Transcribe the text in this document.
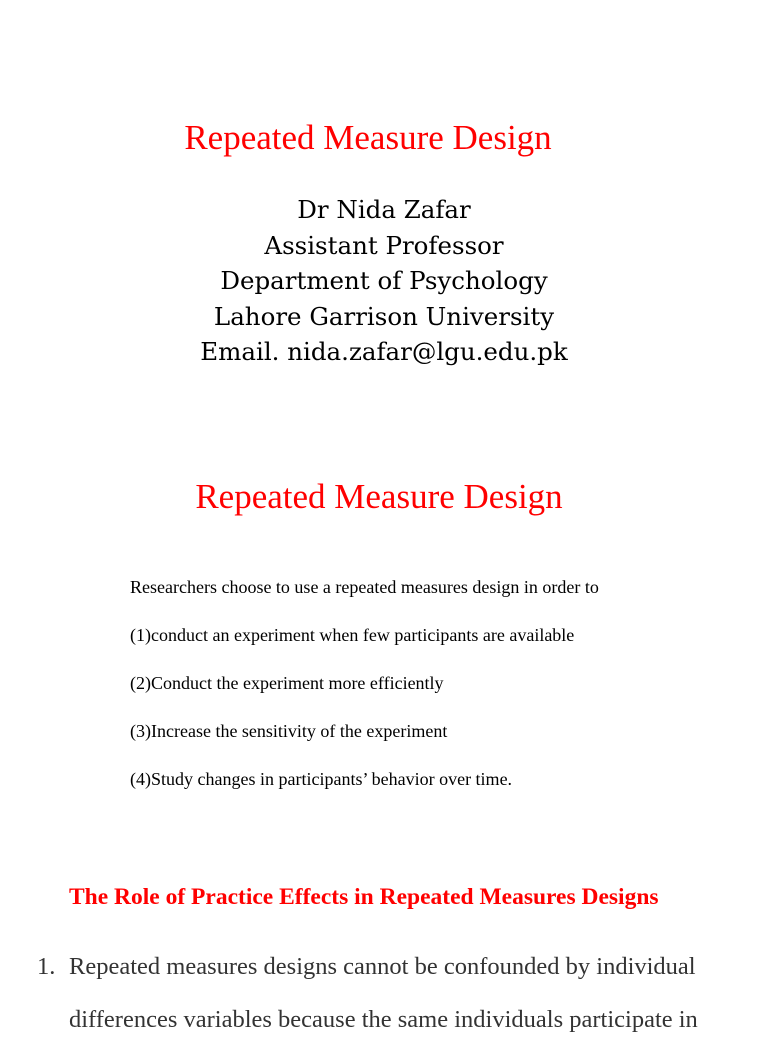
Repeated Measure Design
Dr Nida Zafar
Assistant Professor
Department of Psychology
Lahore Garrison University
Email. nida.zafar@lgu.edu.pk
Repeated Measure Design
Researchers choose to use a repeated measures design in order to
(1)conduct an experiment when few participants are available
(2)Conduct the experiment more efficiently
(3)Increase the sensitivity of the experiment
(4)Study changes in participants’ behavior over time.
The Role of Practice Effects in Repeated Measures Designs
1. Repeated measures designs cannot be confounded by individual
differences variables because the same individuals participate in
